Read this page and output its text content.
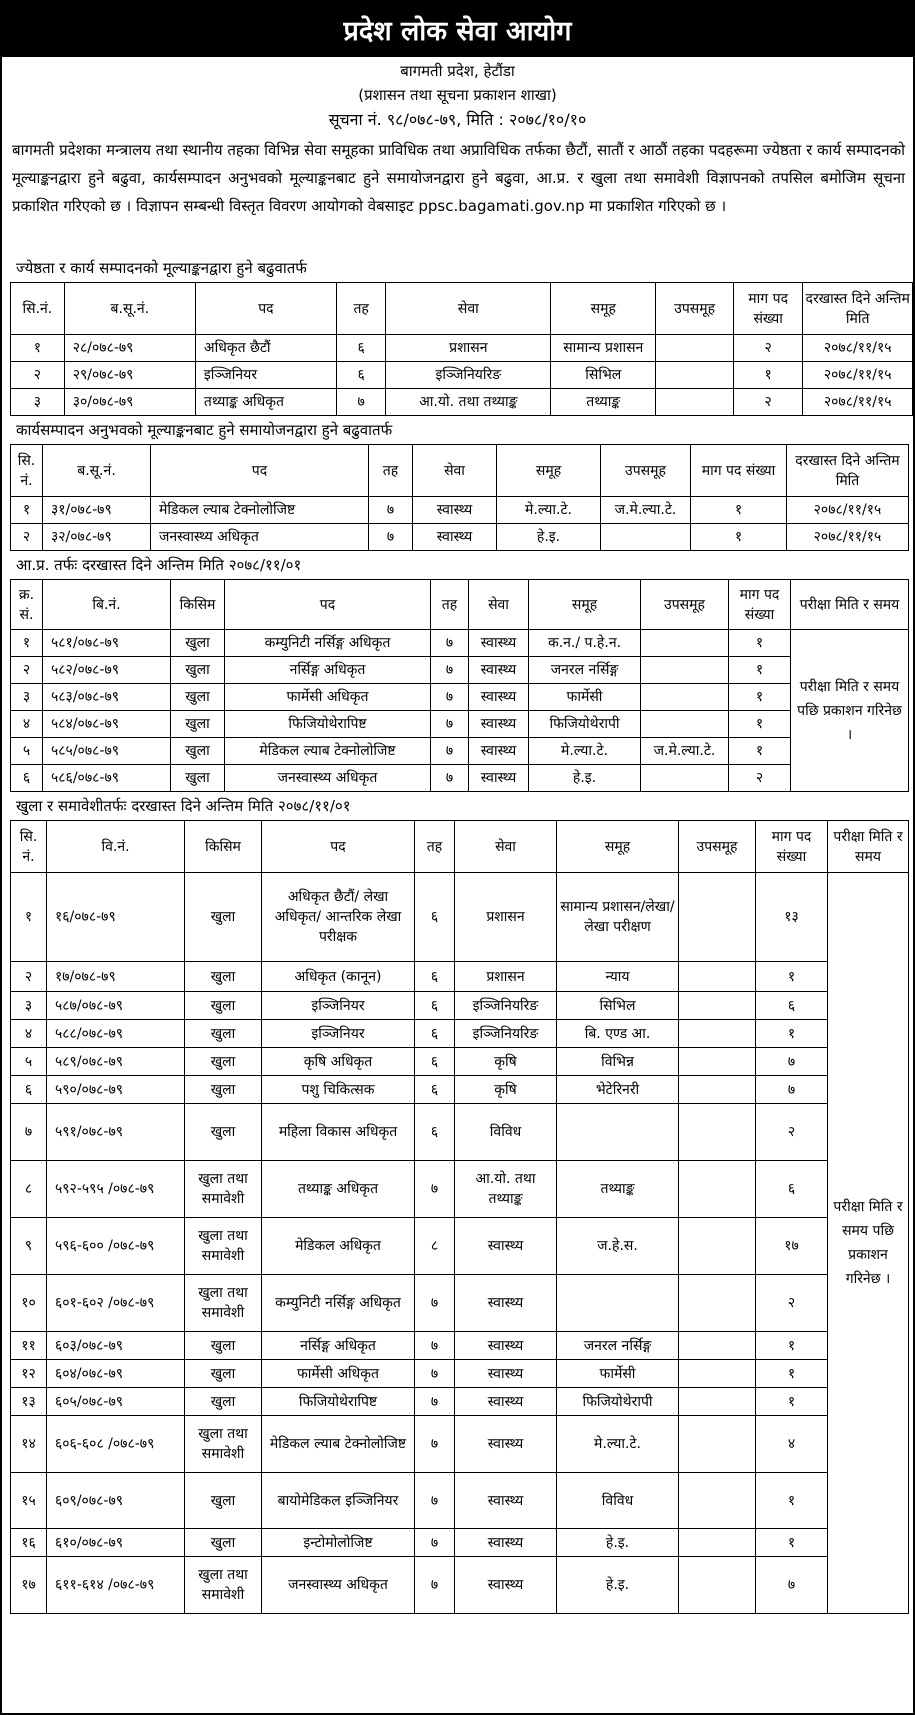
प्रदेश लोक सेवा आयोग
बागमती प्रदेश, हेटौंडा
(प्रशासन तथा सूचना प्रकाशन शाखा)
सूचना नं. ९८/०७८-७९, मिति : २०७८/१०/१०
बागमती प्रदेशका मन्त्रालय तथा स्थानीय तहका विभिन्न सेवा समूहका प्राविधिक तथा अप्राविधिक तर्फका छैटौं, सातौं र आठौं तहका पदहरूमा ज्येष्ठता र कार्य सम्पादनको मूल्याङ्कनद्वारा हुने बढुवा, कार्यसम्पादन अनुभवको मूल्याङ्कनबाट हुने समायोजनद्वारा हुने बढुवा, आ.प्र. र खुला तथा समावेशी विज्ञापनको तपसिल बमोजिम सूचना प्रकाशित गरिएको छ । विज्ञापन सम्बन्धी विस्तृत विवरण आयोगको वेबसाइट ppsc.bagamati.gov.np मा प्रकाशित गरिएको छ ।
ज्येष्ठता र कार्य सम्पादनको मूल्याङ्कनद्वारा हुने बढुवातर्फ
सि.नं.	ब.सू.नं.	पद	तह	सेवा	समूह	उपसमूह	माग पद संख्या	दरखास्त दिने अन्तिम मिति
१	२८/०७८-७९	अधिकृत छैटौं	६	प्रशासन	सामान्य प्रशासन		२	२०७८/११/१५
२	२९/०७८-७९	इञ्जिनियर	६	इञ्जिनियरिङ	सिभिल		१	२०७८/११/१५
३	३०/०७८-७९	तथ्याङ्क अधिकृत	७	आ.यो. तथा तथ्याङ्क	तथ्याङ्क		२	२०७८/११/१५
कार्यसम्पादन अनुभवको मूल्याङ्कनबाट हुने समायोजनद्वारा हुने बढुवातर्फ
सि. नं.	ब.सू.नं.	पद	तह	सेवा	समूह	उपसमूह	माग पद संख्या	दरखास्त दिने अन्तिम मिति
१	३१/०७८-७९	मेडिकल ल्याब टेक्नोलोजिष्ट	७	स्वास्थ्य	मे.ल्या.टे.	ज.मे.ल्या.टे.	१	२०७८/११/१५
२	३२/०७८-७९	जनस्वास्थ्य अधिकृत	७	स्वास्थ्य	हे.इ.		१	२०७८/११/१५
आ.प्र. तर्फः दरखास्त दिने अन्तिम मिति २०७८/११/०१
क्र. सं.	बि.नं.	किसिम	पद	तह	सेवा	समूह	उपसमूह	माग पद संख्या	परीक्षा मिति र समय
१	५८१/०७८-७९	खुला	कम्युनिटी नर्सिङ्ग अधिकृत	७	स्वास्थ्य	क.न./ प.हे.न.		१	परीक्षा मिति र समय पछि प्रकाशन गरिनेछ ।
२	५८२/०७८-७९	खुला	नर्सिङ्ग अधिकृत	७	स्वास्थ्य	जनरल नर्सिङ्ग		१	
३	५८३/०७८-७९	खुला	फार्मेसी अधिकृत	७	स्वास्थ्य	फार्मेसी		१	
४	५८४/०७८-७९	खुला	फिजियोथेरापिष्ट	७	स्वास्थ्य	फिजियोथेरापी		१	
५	५८५/०७८-७९	खुला	मेडिकल ल्याब टेक्नोलोजिष्ट	७	स्वास्थ्य	मे.ल्या.टे.	ज.मे.ल्या.टे.	१	
६	५८६/०७८-७९	खुला	जनस्वास्थ्य अधिकृत	७	स्वास्थ्य	हे.इ.		२	
खुला र समावेशीतर्फः दरखास्त दिने अन्तिम मिति २०७८/११/०१
सि. नं.	वि.नं.	किसिम	पद	तह	सेवा	समूह	उपसमूह	माग पद संख्या	परीक्षा मिति र समय
१	१६/०७८-७९	खुला	अधिकृत छैटौं/ लेखा अधिकृत/ आन्तरिक लेखा परीक्षक	६	प्रशासन	सामान्य प्रशासन/लेखा/ लेखा परीक्षण		१३	परीक्षा मिति र समय पछि प्रकाशन गरिनेछ ।
२	१७/०७८-७९	खुला	अधिकृत (कानून)	६	प्रशासन	न्याय		१	
३	५८७/०७८-७९	खुला	इञ्जिनियर	६	इञ्जिनियरिङ	सिभिल		६	
४	५८८/०७८-७९	खुला	इञ्जिनियर	६	इञ्जिनियरिङ	बि. एण्ड आ.		१	
५	५८९/०७८-७९	खुला	कृषि अधिकृत	६	कृषि	विभिन्न		७	
६	५९०/०७८-७९	खुला	पशु चिकित्सक	६	कृषि	भेटेरिनरी		७	
७	५९१/०७८-७९	खुला	महिला विकास अधिकृत	६	विविध			२	
८	५९२-५९५ /०७८-७९	खुला तथा समावेशी	तथ्याङ्क अधिकृत	७	आ.यो. तथा तथ्याङ्क	तथ्याङ्क		६	
९	५९६-६०० /०७८-७९	खुला तथा समावेशी	मेडिकल अधिकृत	८	स्वास्थ्य	ज.हे.स.		१७	
१०	६०१-६०२ /०७८-७९	खुला तथा समावेशी	कम्युनिटी नर्सिङ्ग अधिकृत	७	स्वास्थ्य			२	
११	६०३/०७८-७९	खुला	नर्सिङ्ग अधिकृत	७	स्वास्थ्य	जनरल नर्सिङ्ग		१	
१२	६०४/०७८-७९	खुला	फार्मेसी अधिकृत	७	स्वास्थ्य	फार्मेसी		१	
१३	६०५/०७८-७९	खुला	फिजियोथेरापिष्ट	७	स्वास्थ्य	फिजियोथेरापी		१	
१४	६०६-६०८ /०७८-७९	खुला तथा समावेशी	मेडिकल ल्याब टेक्नोलोजिष्ट	७	स्वास्थ्य	मे.ल्या.टे.		४	
१५	६०९/०७८-७९	खुला	बायोमेडिकल इञ्जिनियर	७	स्वास्थ्य	विविध		१	
१६	६१०/०७८-७९	खुला	इन्टोमोलोजिष्ट	७	स्वास्थ्य	हे.इ.		१	
१७	६११-६१४ /०७८-७९	खुला तथा समावेशी	जनस्वास्थ्य अधिकृत	७	स्वास्थ्य	हे.इ.		७	
